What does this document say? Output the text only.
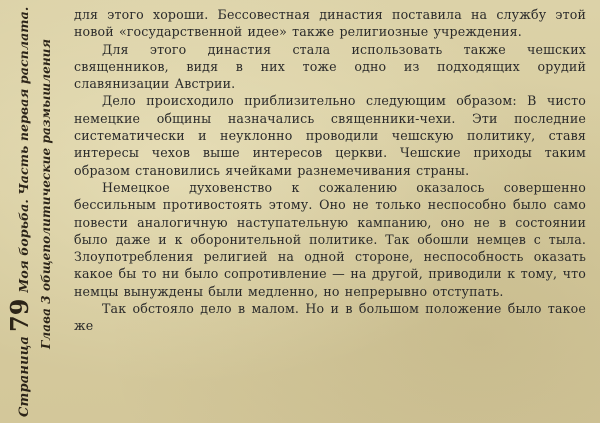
Страница
79
Моя борьба. Часть первая расплата. Глава 3 общеполитические размышления

для этого хороши. Бессовестная династия поставила на службу этой новой «государственной идее» также религиозные учреждения.

Для этого династия стала использовать также чешских священников, видя в них тоже одно из подходящих орудий славянизации Австрии.

Дело происходило приблизительно следующим образом: В чисто немецкие общины назначались священники-чехи. Эти последние систематически и неуклонно проводили чешскую политику, ставя интересы чехов выше интересов церкви. Чешские приходы таким образом становились ячейками разнемечивания страны.

Немецкое духовенство к сожалению оказалось совершенно бессильным противостоять этому. Оно не только неспособно было само повести аналогичную наступательную кампанию, оно не в состоянии было даже и к оборонительной политике. Так обошли немцев с тыла. Злоупотребления религией на одной стороне, неспособность оказать какое бы то ни было сопротивление — на другой, приводили к тому, что немцы вынуждены были медленно, но непрерывно отступать.

Так обстояло дело в малом. Но и в большом положение было такое же
